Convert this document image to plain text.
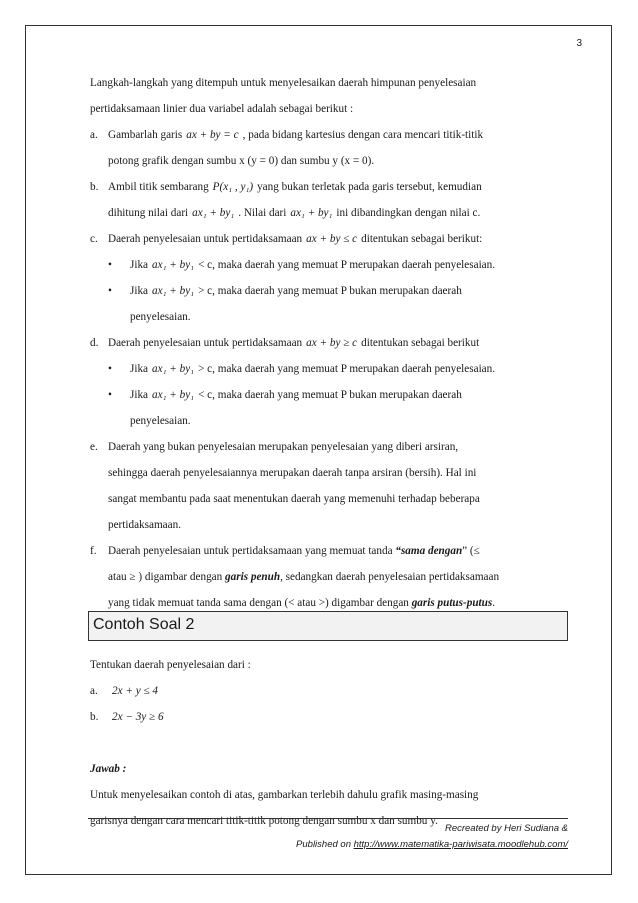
3

Langkah-langkah yang ditempuh untuk menyelesaikan daerah himpunan penyelesaian

pertidaksamaan linier dua variabel adalah sebagai berikut :

a. Gambarlah garis ax + by = c , pada bidang kartesius dengan cara mencari titik-titik
potong grafik dengan sumbu x (y = 0) dan sumbu y (x = 0).
b. Ambil titik sembarang P(x₁ , y₁) yang bukan terletak pada garis tersebut, kemudian
dihitung nilai dari ax₁ + by₁ . Nilai dari ax₁ + by₁ ini dibandingkan dengan nilai c.
c. Daerah penyelesaian untuk pertidaksamaan ax + by ≤ c ditentukan sebagai berikut:
•	Jika ax₁ + by₁ < c, maka daerah yang memuat P merupakan daerah penyelesaian.
•	Jika ax₁ + by₁ > c, maka daerah yang memuat P bukan merupakan daerah
penyelesaian.
d. Daerah penyelesaian untuk pertidaksamaan ax + by ≥ c ditentukan sebagai berikut
•	Jika ax₁ + by₁ > c, maka daerah yang memuat P merupakan daerah penyelesaian.
•	Jika ax₁ + by₁ < c, maka daerah yang memuat P bukan merupakan daerah
penyelesaian.
e. Daerah yang bukan penyelesaian merupakan penyelesaian yang diberi arsiran,
sehingga daerah penyelesaiannya merupakan daerah tanpa arsiran (bersih). Hal ini
sangat membantu pada saat menentukan daerah yang memenuhi terhadap beberapa
pertidaksamaan.
f.	Daerah penyelesaian untuk pertidaksamaan yang memuat tanda “sama dengan” (≤
atau ≥ ) digambar dengan garis penuh, sedangkan daerah penyelesaian pertidaksamaan
yang tidak memuat tanda sama dengan (< atau >) digambar dengan garis putus-putus.
Contoh Soal 2

Tentukan daerah penyelesaian dari :

a.	2x + y ≤ 4
b.	2x − 3y ≥ 6

Jawab :

Untuk menyelesaikan contoh di atas, gambarkan terlebih dahulu grafik masing-masing
garisnya dengan cara mencari titik-titik potong dengan sumbu x dan sumbu y.
Recreated by Heri Sudiana &
Published on http://www.matematika-pariwisata.moodlehub.com/
